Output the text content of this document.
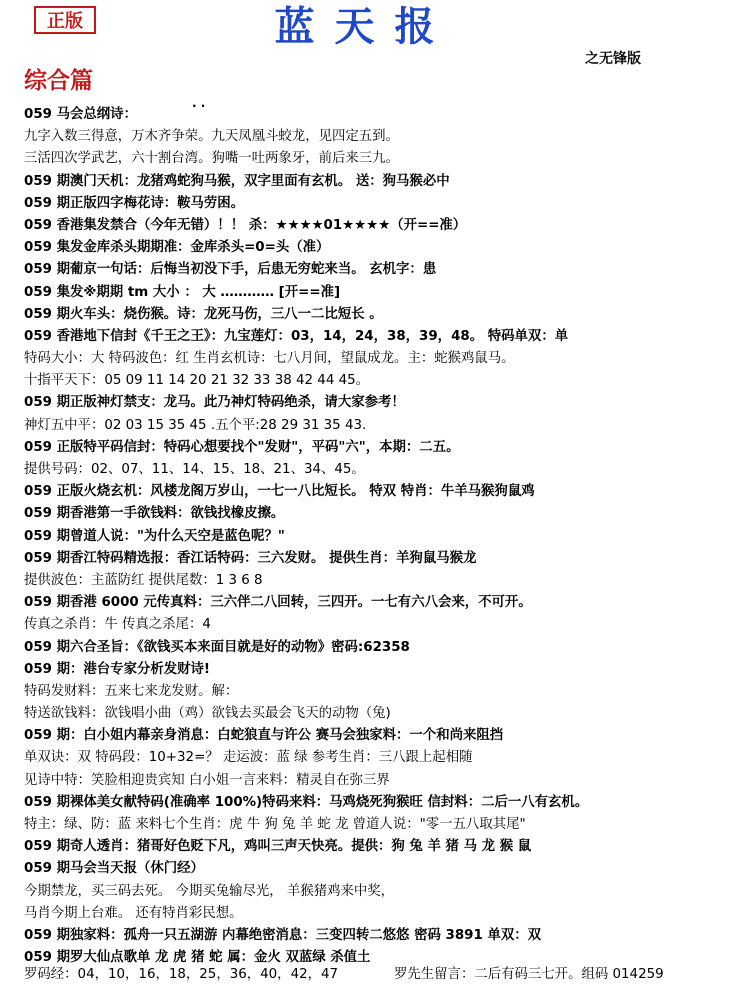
正版	蓝天报
之无锋版
综合篇
. .
059 马会总纲诗：
九字入数三得意，万木齐争荣。九天凤凰斗蛟龙，见四定五到。
三活四次学武艺，六十割台湾。狗嘴一吐两象牙，前后来三九。
059 期澳门天机：龙猪鸡蛇狗马猴，双字里面有玄机。 送：狗马猴必中
059 期正版四字梅花诗：鞍马劳困。
059 香港集发禁合（今年无错）！！ 杀：★★★★01★★★★（开==准）
059 集发金库杀头期期准：金库杀头=0=头（准）
059 期葡京一句话：后悔当初没下手，后患无穷蛇来当。 玄机字：患
059 集发※期期 tm 大小 ： 大 ………… [开==准]
059 期火车头：烧伤猴。诗：龙死马伤，三八一二比短长 。
059 香港地下信封《千王之王》：九宝莲灯：03，14，24，38，39，48。 特码单双：单
特码大小：大 特码波色：红 生肖玄机诗：七八月间，望鼠成龙。主：蛇猴鸡鼠马。
十指平天下：05 09 11 14 20 21 32 33 38 42 44 45。
059 期正版神灯禁支：龙马。此乃神灯特码绝杀，请大家参考！
神灯五中平：02 03 15 35 45 .五个平:28 29 31 35 43.
059 正版特平码信封：特码心想要找个"发财"，平码"六"，本期：二五。
提供号码：02、07、11、14、15、18、21、34、45。
059 正版火烧玄机：风楼龙阁万岁山，一七一八比短长。 特双 特肖：牛羊马猴狗鼠鸡
059 期香港第一手欲钱料：欲钱找橡皮擦。
059 期曾道人说："为什么天空是蓝色呢？"
059 期香江特码精选报：香江话特码：三六发财。 提供生肖：羊狗鼠马猴龙
提供波色：主蓝防红 提供尾数：1 3 6 8
059 期香港 6000 元传真料：三六伴二八回转，三四开。一七有六八会来，不可开。
传真之杀肖：牛 传真之杀尾：4
059 期六合圣旨：《欲钱买本来面目就是好的动物》密码:62358
059 期：港台专家分析发财诗!
特码发财料：五来七来龙发财。解：
特送欲钱料：欲钱唱小曲（鸡）欲钱去买最会飞天的动物（兔)
059 期：白小姐内幕亲身消息：白蛇狼直与许公 赛马会独家料：一个和尚来阻挡
单双诀：双 特码段：10+32=？ 走运波：蓝 绿 参考生肖：三八跟上起相随
见诗中特：笑脸相迎贵宾知 白小姐一言来料：精灵自在弥三界
059 期裸体美女献特码(准确率 100%)特码来料：马鸡烧死狗猴旺 信封料：二后一八有玄机。
特主：绿、防：蓝 来料七个生肖：虎 牛 狗 兔 羊 蛇 龙 曾道人说："零一五八取其尾"
059 期奇人透肖：猪哥好色贬下凡，鸡叫三声天快亮。提供：狗 兔 羊 猪 马 龙 猴 鼠
059 期马会当天报（休门经）
今期禁龙，买三码去死。 今期买兔输尽光， 羊猴猪鸡来中奖，
马肖今期上台难。 还有特肖彩民想。
059 期独家料：孤舟一只五湖游 内幕绝密消息：三变四转二悠悠 密码 3891 单双：双
059 期罗大仙点歌单 龙 虎 猪 蛇 属：金火 双蓝绿 杀值土
罗码经：04，10，16，18，25，36，40，42，47	罗先生留言：二后有码三七开。组码 014259
